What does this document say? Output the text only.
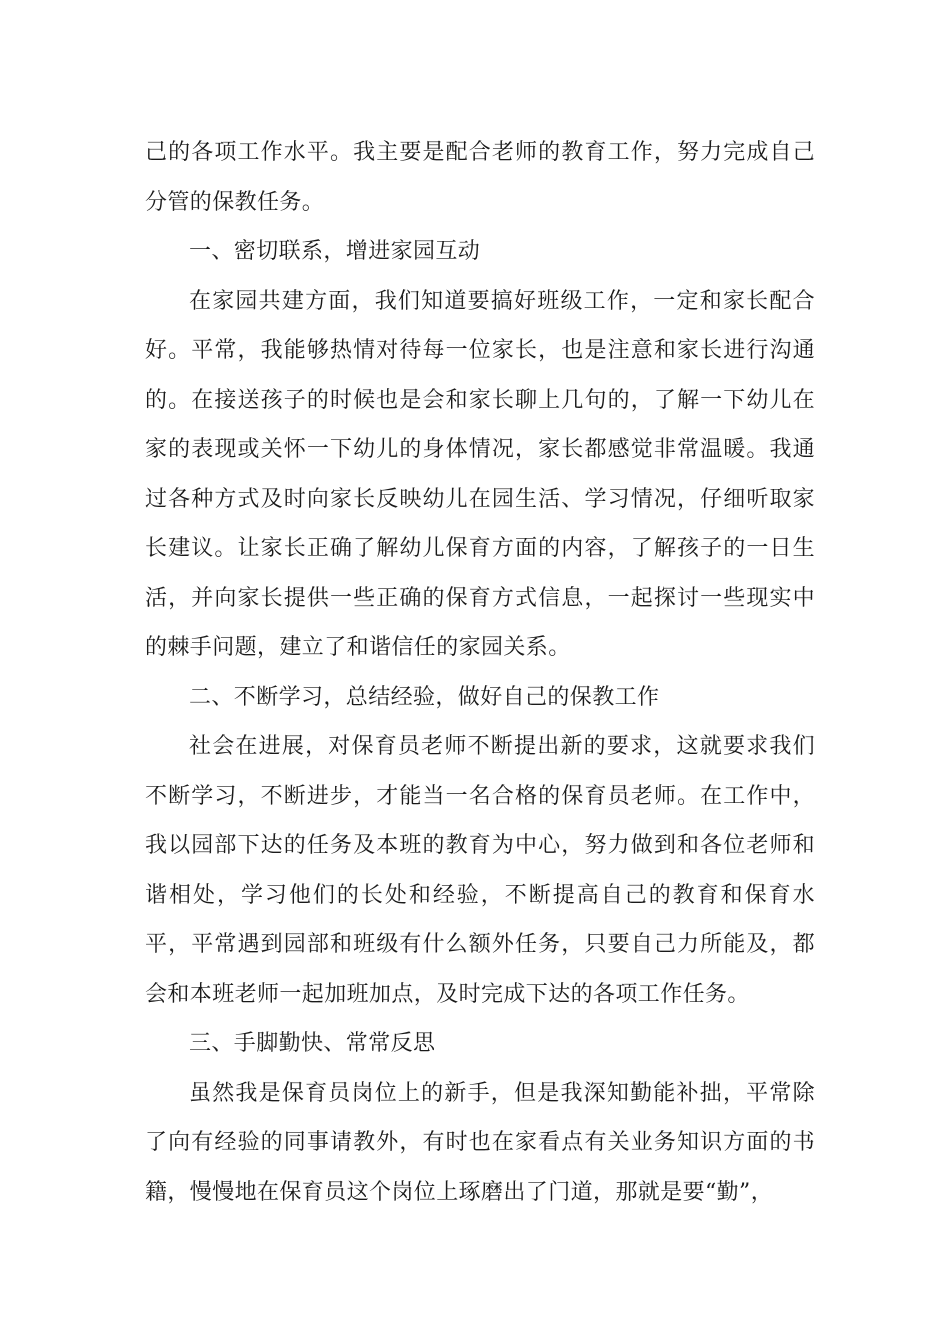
己的各项工作水平。我主要是配合老师的教育工作，努力完成自己分管的保教任务。

一、密切联系，增进家园互动

在家园共建方面，我们知道要搞好班级工作，一定和家长配合好。平常，我能够热情对待每一位家长，也是注意和家长进行沟通的。在接送孩子的时候也是会和家长聊上几句的，了解一下幼儿在家的表现或关怀一下幼儿的身体情况，家长都感觉非常温暖。我通过各种方式及时向家长反映幼儿在园生活、学习情况，仔细听取家长建议。让家长正确了解幼儿保育方面的内容，了解孩子的一日生活，并向家长提供一些正确的保育方式信息，一起探讨一些现实中的棘手问题，建立了和谐信任的家园关系。

二、不断学习，总结经验，做好自己的保教工作

社会在进展，对保育员老师不断提出新的要求，这就要求我们不断学习，不断进步，才能当一名合格的保育员老师。在工作中，我以园部下达的任务及本班的教育为中心，努力做到和各位老师和谐相处，学习他们的长处和经验，不断提高自己的教育和保育水平，平常遇到园部和班级有什么额外任务，只要自己力所能及，都会和本班老师一起加班加点，及时完成下达的各项工作任务。

三、手脚勤快、常常反思

虽然我是保育员岗位上的新手，但是我深知勤能补拙，平常除了向有经验的同事请教外，有时也在家看点有关业务知识方面的书籍，慢慢地在保育员这个岗位上琢磨出了门道，那就是要“勤”，
